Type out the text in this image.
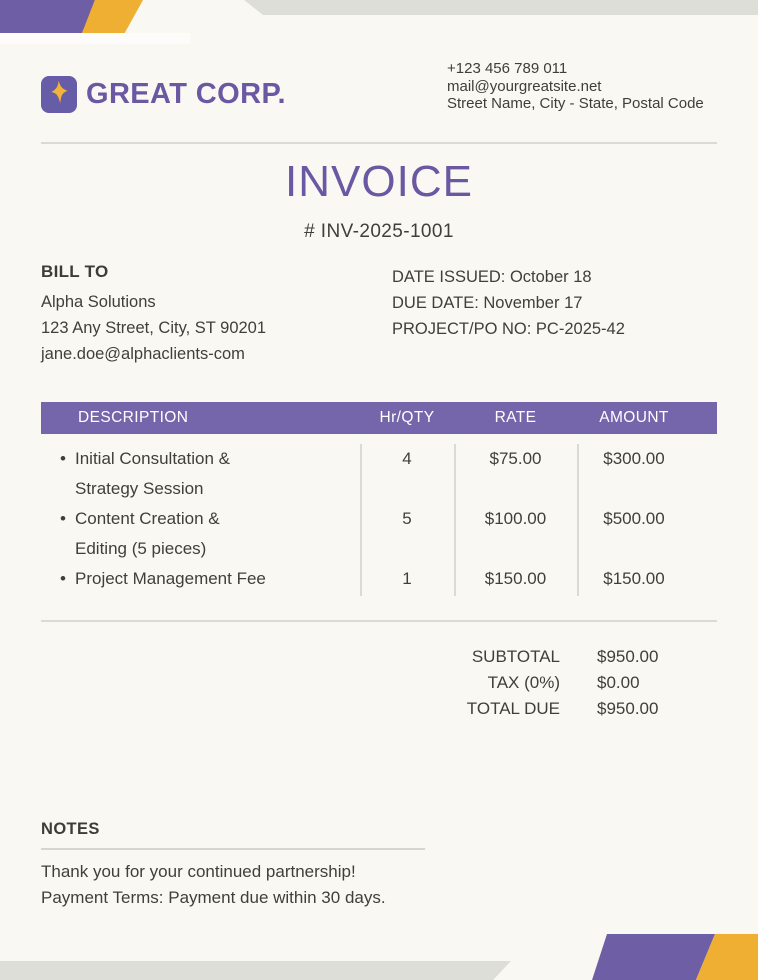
GREAT CORP.
+123 456 789 011
mail@yourgreatsite.net
Street Name, City - State, Postal Code
INVOICE
# INV-2025-1001
BILL TO
Alpha Solutions
123 Any Street, City, ST 90201
jane.doe@alphaclients-com
DATE ISSUED: October 18
DUE DATE: November 17
PROJECT/PO NO: PC-2025-42
DESCRIPTION	Hr/QTY	RATE	AMOUNT
• Initial Consultation &
Strategy Session
4	$75.00	$300.00
• Content Creation &
Editing (5 pieces)
5	$100.00	$500.00
• Project Management Fee	1	$150.00	$150.00
SUBTOTAL $950.00
TAX (0%) $0.00
TOTAL DUE $950.00
NOTES
Thank you for your continued partnership!
Payment Terms: Payment due within 30 days.
